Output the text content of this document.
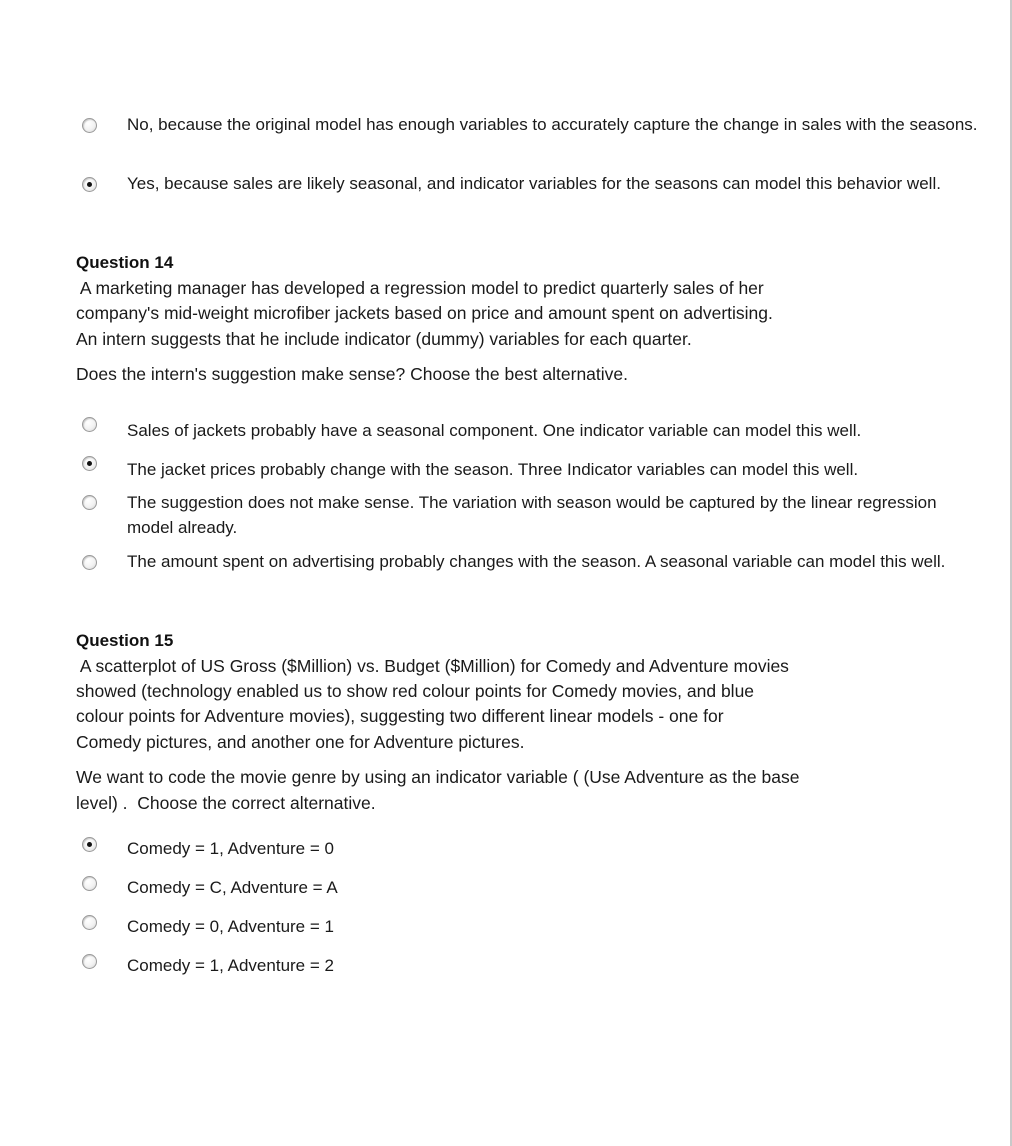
No, because the original model has enough variables to accurately capture the change in sales with the seasons.
Yes, because sales are likely seasonal, and indicator variables for the seasons can model this behavior well.
Question 14
A marketing manager has developed a regression model to predict quarterly sales of her
company's mid-weight microfiber jackets based on price and amount spent on advertising.
An intern suggests that he include indicator (dummy) variables for each quarter.
Does the intern's suggestion make sense? Choose the best alternative.
Sales of jackets probably have a seasonal component. One indicator variable can model this well.
The jacket prices probably change with the season. Three Indicator variables can model this well.
The suggestion does not make sense. The variation with season would be captured by the linear regression model already.
The amount spent on advertising probably changes with the season. A seasonal variable can model this well.
Question 15
A scatterplot of US Gross ($Million) vs. Budget ($Million) for Comedy and Adventure movies
showed (technology enabled us to show red colour points for Comedy movies, and blue
colour points for Adventure movies), suggesting two different linear models - one for
Comedy pictures, and another one for Adventure pictures.
We want to code the movie genre by using an indicator variable ( (Use Adventure as the base
level) .  Choose the correct alternative.
Comedy = 1, Adventure = 0
Comedy = C, Adventure = A
Comedy = 0, Adventure = 1
Comedy = 1, Adventure = 2
